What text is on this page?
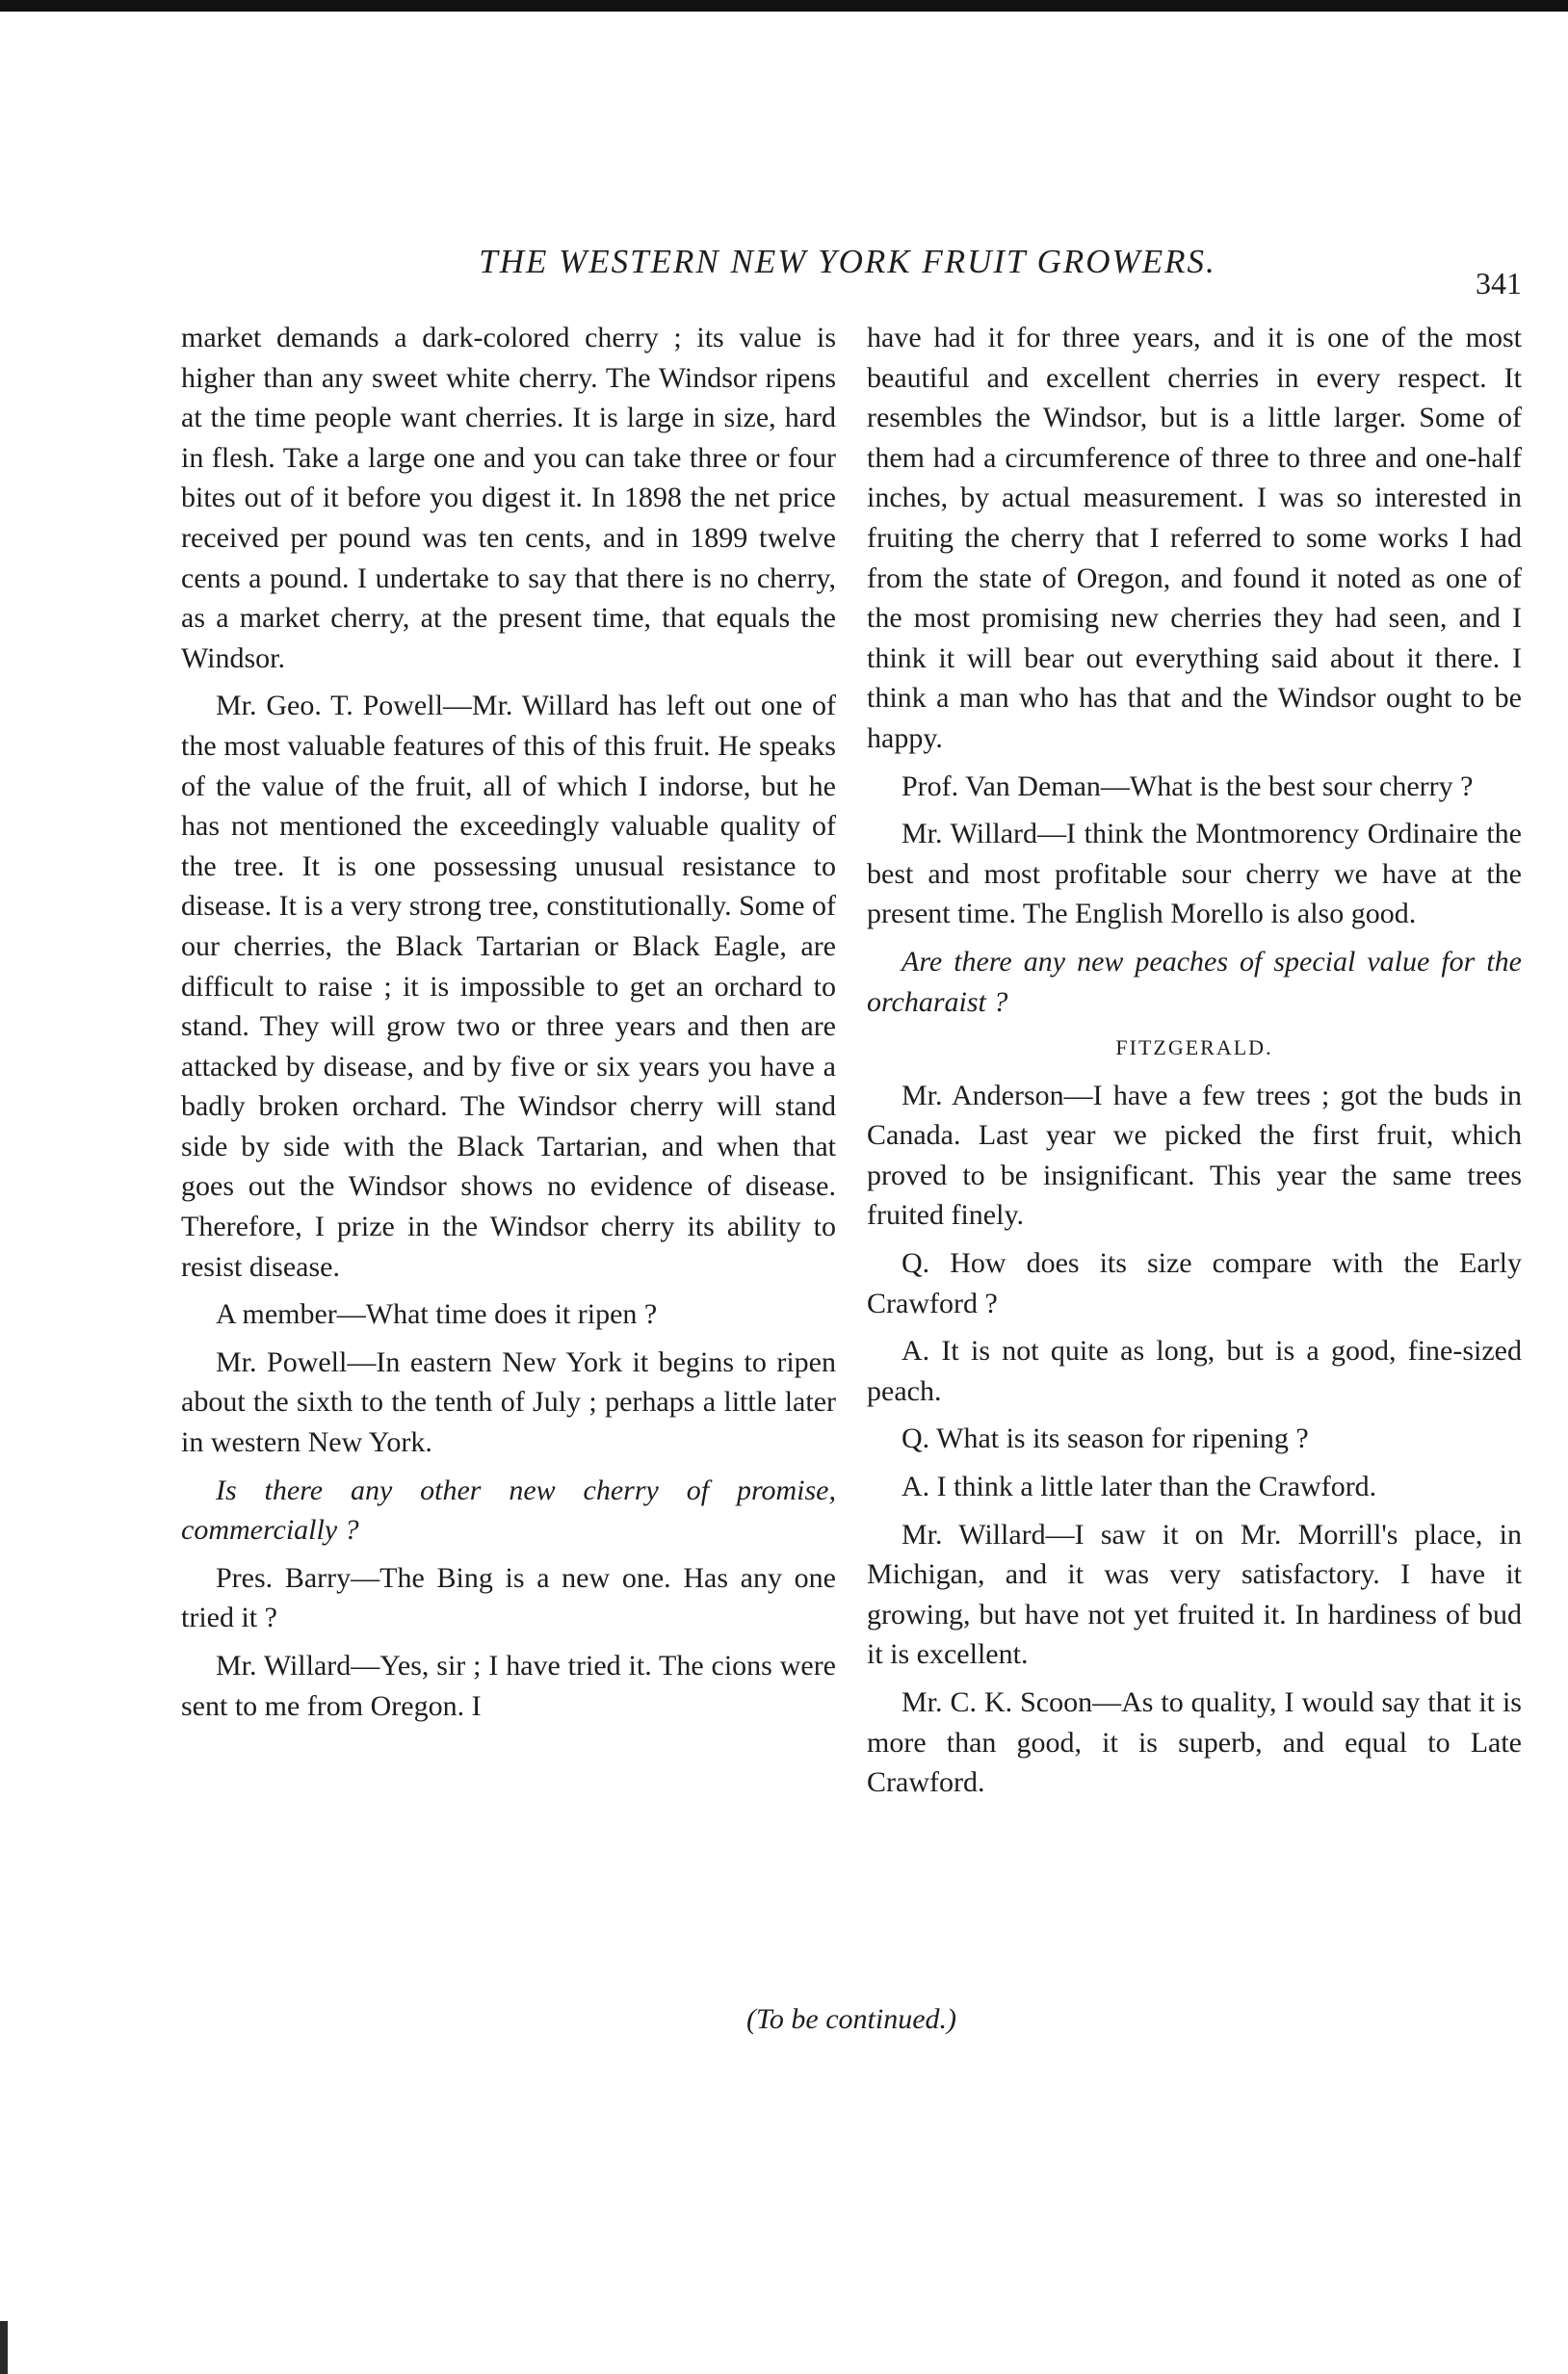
THE WESTERN NEW YORK FRUIT GROWERS.
341

market demands a dark-colored cherry ; its value is higher than any sweet white cherry. The Windsor ripens at the time people want cherries. It is large in size, hard in flesh. Take a large one and you can take three or four bites out of it before you digest it. In 1898 the net price received per pound was ten cents, and in 1899 twelve cents a pound. I undertake to say that there is no cherry, as a market cherry, at the present time, that equals the Windsor.

Mr. Geo. T. Powell—Mr. Willard has left out one of the most valuable features of this of this fruit. He speaks of the value of the fruit, all of which I indorse, but he has not mentioned the exceedingly valuable quality of the tree. It is one possessing unusual resistance to disease. It is a very strong tree, constitutionally. Some of our cherries, the Black Tartarian or Black Eagle, are difficult to raise ; it is impossible to get an orchard to stand. They will grow two or three years and then are attacked by disease, and by five or six years you have a badly broken orchard. The Windsor cherry will stand side by side with the Black Tartarian, and when that goes out the Windsor shows no evidence of disease. Therefore, I prize in the Windsor cherry its ability to resist disease.

A member—What time does it ripen ?

Mr. Powell—In eastern New York it begins to ripen about the sixth to the tenth of July ; perhaps a little later in western New York.

Is there any other new cherry of promise, commercially ?

Pres. Barry—The Bing is a new one. Has any one tried it ?

Mr. Willard—Yes, sir ; I have tried it. The cions were sent to me from Oregon. I

have had it for three years, and it is one of the most beautiful and excellent cherries in every respect. It resembles the Windsor, but is a little larger. Some of them had a circumference of three to three and one-half inches, by actual measurement. I was so interested in fruiting the cherry that I referred to some works I had from the state of Oregon, and found it noted as one of the most promising new cherries they had seen, and I think it will bear out everything said about it there. I think a man who has that and the Windsor ought to be happy.

Prof. Van Deman—What is the best sour cherry ?

Mr. Willard—I think the Montmorency Ordinaire the best and most profitable sour cherry we have at the present time. The English Morello is also good.

Are there any new peaches of special value for the orcharaist ?

FITZGERALD.

Mr. Anderson—I have a few trees ; got the buds in Canada. Last year we picked the first fruit, which proved to be insignificant. This year the same trees fruited finely.

Q. How does its size compare with the Early Crawford ?

A. It is not quite as long, but is a good, fine-sized peach.

Q. What is its season for ripening ?

A. I think a little later than the Crawford.

Mr. Willard—I saw it on Mr. Morrill's place, in Michigan, and it was very satisfactory. I have it growing, but have not yet fruited it. In hardiness of bud it is excellent.

Mr. C. K. Scoon—As to quality, I would say that it is more than good, it is superb, and equal to Late Crawford.

(To be continued.)
